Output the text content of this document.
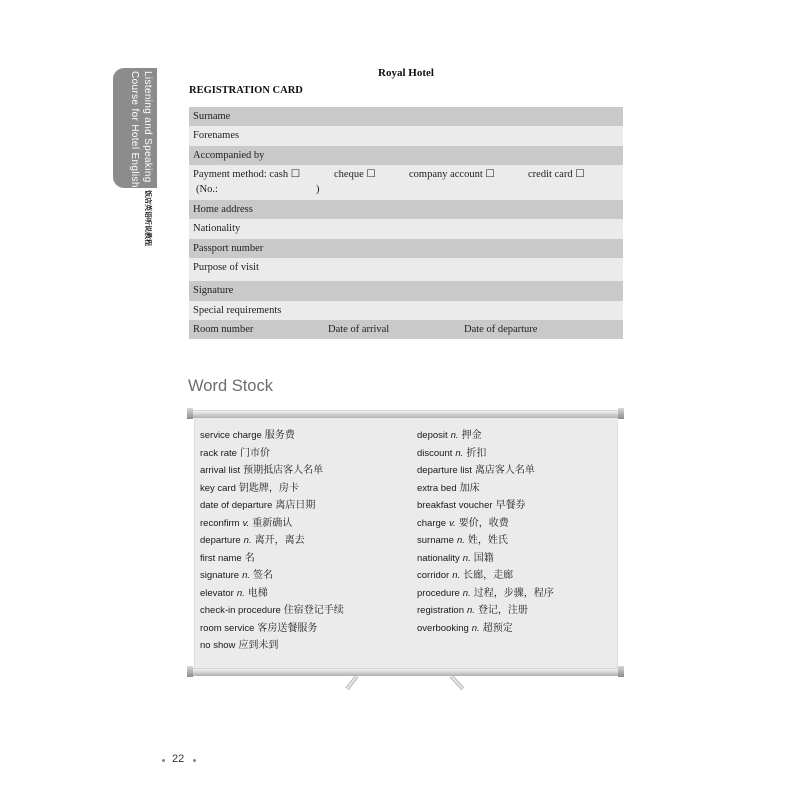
Listening and Speaking
Course for Hotel English
饭店英语听说教程
Royal Hotel
REGISTRATION CARD
Surname
Forenames
Accompanied by
Payment method: cash ☐	cheque ☐	company account ☐	credit card ☐
(No.:	)
Home address
Nationality
Passport number
Purpose of visit
Signature
Special requirements
Room number	Date of arrival	Date of departure
Word Stock
service charge 服务费
rack rate 门市价
arrival list 预期抵店客人名单
key card 钥匙牌，房卡
date of departure 离店日期
reconfirm v. 重新确认
departure n. 离开，离去
first name 名
signature n. 签名
elevator n. 电梯
check-in procedure 住宿登记手续
room service 客房送餐服务
no show 应到未到
deposit n. 押金
discount n. 折扣
departure list 离店客人名单
extra bed 加床
breakfast voucher 早餐券
charge v. 要价，收费
surname n. 姓，姓氏
nationality n. 国籍
corridor n. 长廊，走廊
procedure n. 过程，步骤，程序
registration n. 登记，注册
overbooking n. 超预定
22
